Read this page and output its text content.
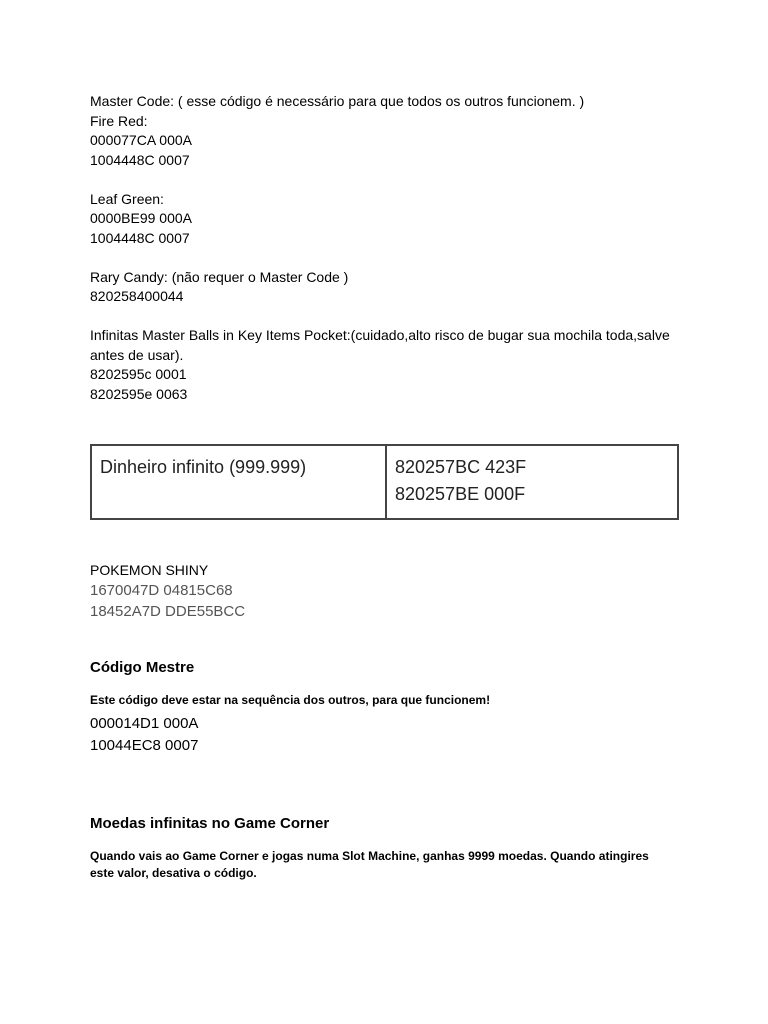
Master Code: ( esse código é necessário para que todos os outros funcionem. )
Fire Red:
000077CA 000A
1004448C 0007
Leaf Green:
0000BE99 000A
1004448C 0007
Rary Candy: (não requer o Master Code )
820258400044
Infinitas Master Balls in Key Items Pocket:(cuidado,alto risco de bugar sua mochila toda,salve
antes de usar).
8202595c 0001
8202595e 0063
Dinheiro infinito (999.999)	820257BC 423F
820257BE 000F
POKEMON SHINY
1670047D 04815C68
18452A7D DDE55BCC
Código Mestre
Este código deve estar na sequência dos outros, para que funcionem!
000014D1 000A
10044EC8 0007
Moedas infinitas no Game Corner
Quando vais ao Game Corner e jogas numa Slot Machine, ganhas 9999 moedas. Quando atingires
este valor, desativa o código.
